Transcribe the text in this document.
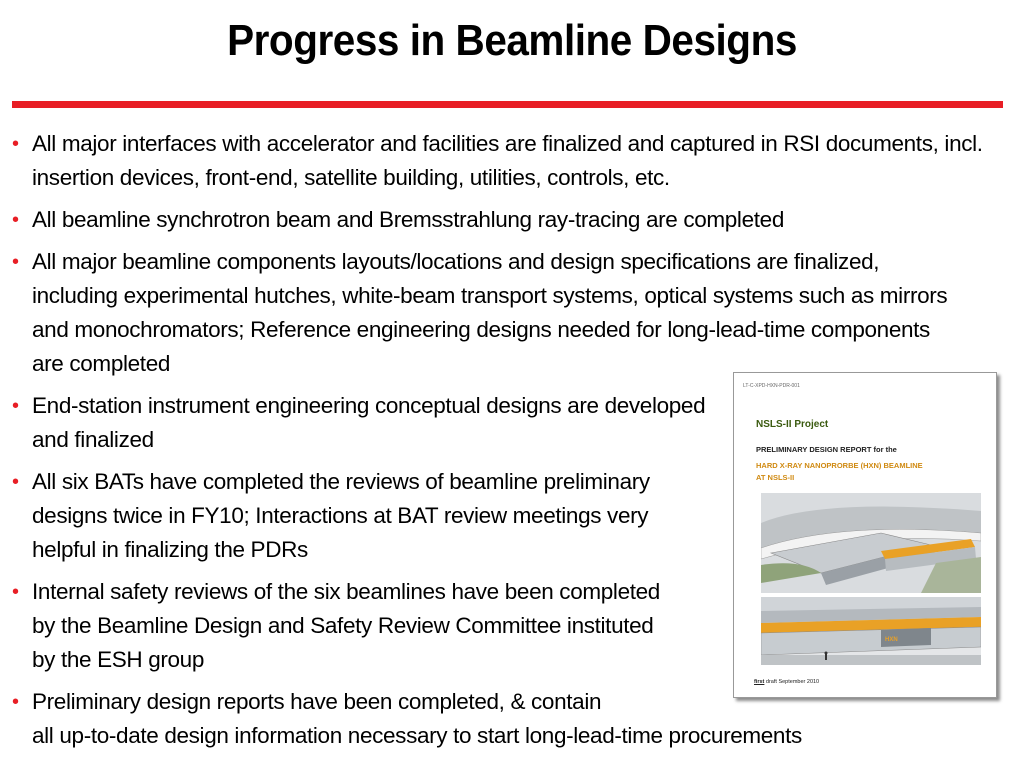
Progress in Beamline Designs
• All major interfaces with accelerator and facilities are finalized and captured in RSI documents, incl. insertion devices, front-end, satellite building, utilities, controls, etc.
• All beamline synchrotron beam and Bremsstrahlung ray-tracing are completed
• All major beamline components layouts/locations and design specifications are finalized, including experimental hutches, white-beam transport systems, optical systems such as mirrors and monochromators; Reference engineering designs needed for long-lead-time components are completed
• End-station instrument engineering conceptual designs are developed and finalized
• All six BATs have completed the reviews of beamline preliminary designs twice in FY10; Interactions at BAT review meetings very helpful in finalizing the PDRs
• Internal safety reviews of the six beamlines have been completed by the Beamline Design and Safety Review Committee instituted by the ESH group
• Preliminary design reports have been completed, & contain
all up-to-date design information necessary to start long-lead-time procurements
LT-C-XPD-HXN-PDR-001
NSLS-II Project
PRELIMINARY DESIGN REPORT for the
HARD X-RAY NANOPRORBE (HXN) BEAMLINE
AT NSLS-II
HXN
first draft September 2010
